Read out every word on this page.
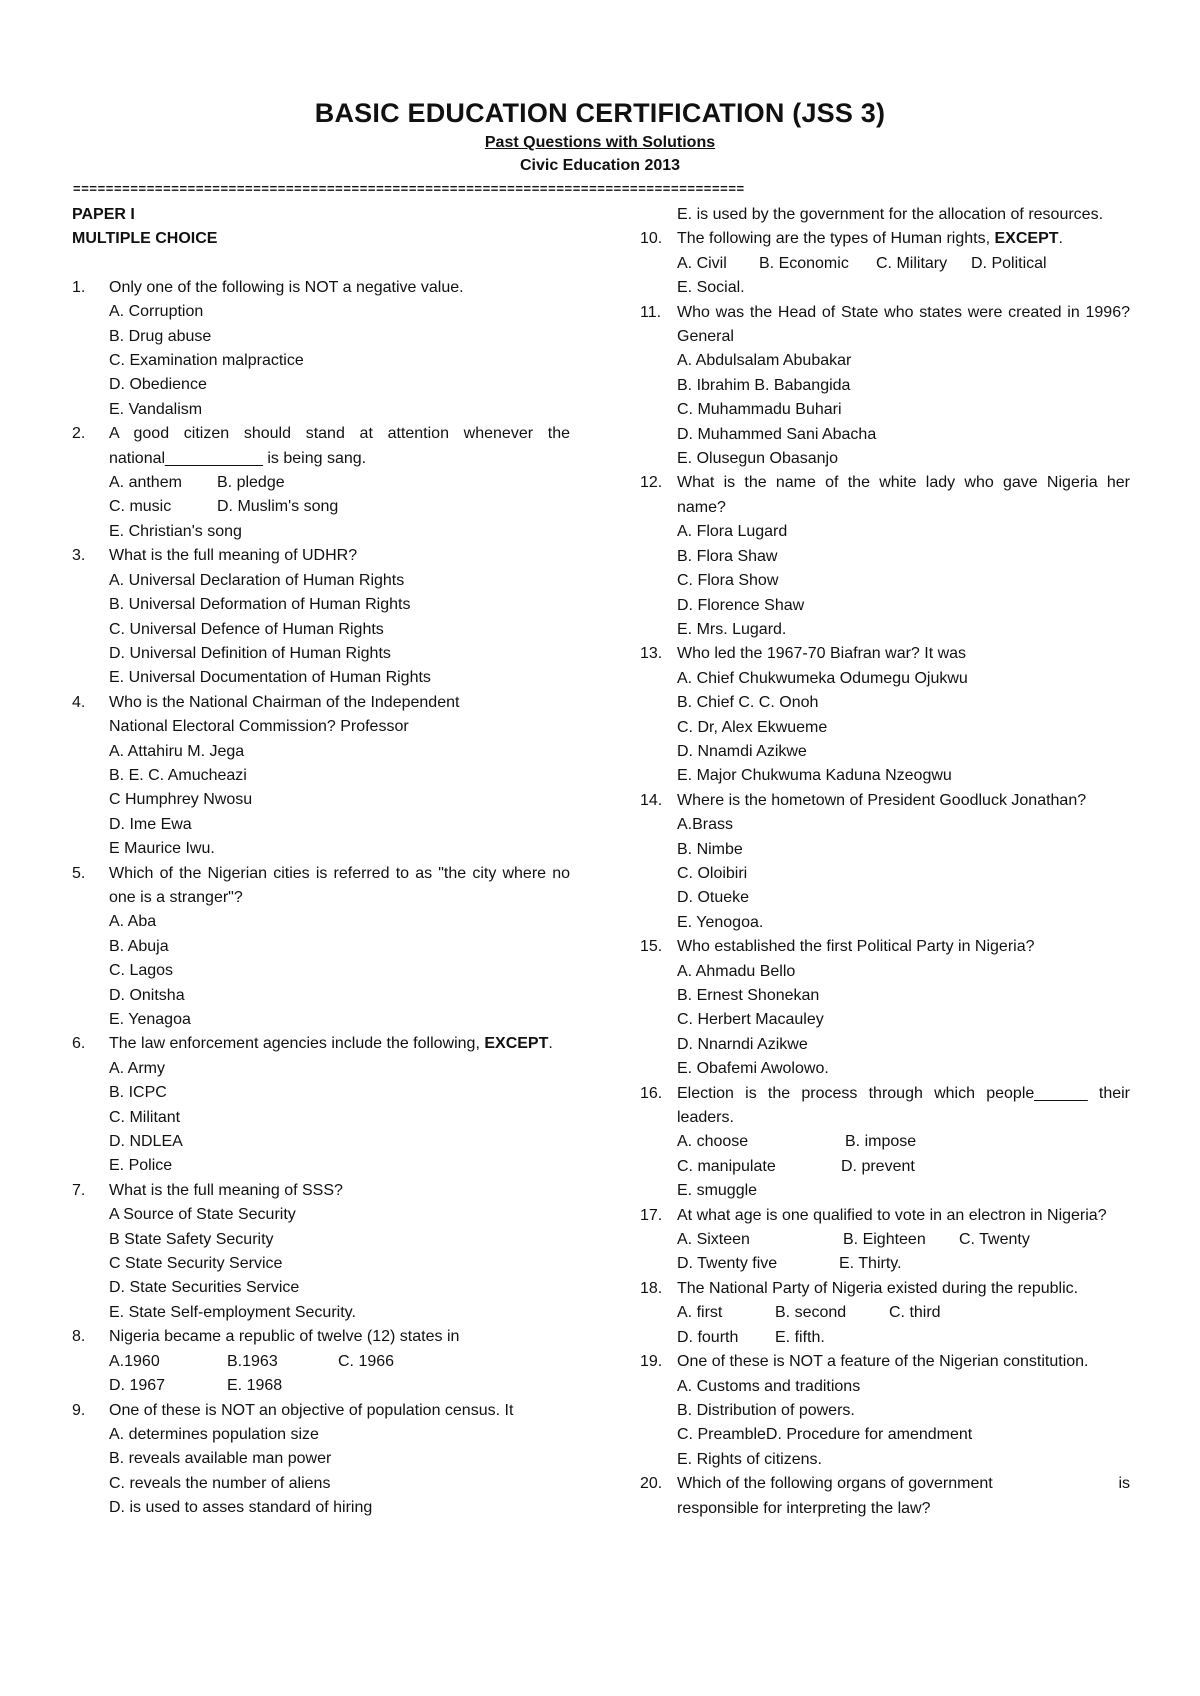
BASIC EDUCATION CERTIFICATION (JSS 3)
Past Questions with Solutions
Civic Education 2013
==================================================================================
PAPER I
MULTIPLE CHOICE
1. Only one of the following is NOT a negative value.
A. Corruption
B. Drug abuse
C. Examination malpractice
D. Obedience
E. Vandalism
2. A good citizen should stand at attention whenever the national___________ is being sang.
A. anthem	B. pledge
C. music	D. Muslim's song
E. Christian's song
3. What is the full meaning of UDHR?
A. Universal Declaration of Human Rights
B. Universal Deformation of Human Rights
C. Universal Defence of Human Rights
D. Universal Definition of Human Rights
E. Universal Documentation of Human Rights
4. Who is the National Chairman of the Independent
National Electoral Commission? Professor
A. Attahiru M. Jega
B. E. C. Amucheazi
C Humphrey Nwosu
D. Ime Ewa
E Maurice Iwu.
5. Which of the Nigerian cities is referred to as "the city where no one is a stranger"?
A. Aba
B. Abuja
C. Lagos
D. Onitsha
E. Yenagoa
6. The law enforcement agencies include the following, EXCEPT.
A. Army
B. ICPC
C. Militant
D. NDLEA
E. Police
7. What is the full meaning of SSS?
A Source of State Security
B State Safety Security
C State Security Service
D. State Securities Service
E. State Self-employment Security.
8. Nigeria became a republic of twelve (12) states in
A.1960	B.1963	C. 1966
D. 1967	E. 1968
9. One of these is NOT an objective of population census. It
A. determines population size
B. reveals available man power
C. reveals the number of aliens
D. is used to asses standard of hiring
E. is used by the government for the allocation of resources.
10. The following are the types of Human rights, EXCEPT.
A. Civil	B. Economic	C. Military	D. Political
E. Social.
11. Who was the Head of State who states were created in 1996? General
A. Abdulsalam Abubakar
B. Ibrahim B. Babangida
C. Muhammadu Buhari
D. Muhammed Sani Abacha
E. Olusegun Obasanjo
12. What is the name of the white lady who gave Nigeria her name?
A. Flora Lugard
B. Flora Shaw
C. Flora Show
D. Florence Shaw
E. Mrs. Lugard.
13. Who led the 1967-70 Biafran war? It was
A. Chief Chukwumeka Odumegu Ojukwu
B. Chief C. C. Onoh
C. Dr, Alex Ekwueme
D. Nnamdi Azikwe
E. Major Chukwuma Kaduna Nzeogwu
14. Where is the hometown of President Goodluck Jonathan?
A.Brass
B. Nimbe
C. Oloibiri
D. Otueke
E. Yenogoa.
15. Who established the first Political Party in Nigeria?
A. Ahmadu Bello
B. Ernest Shonekan
C. Herbert Macauley
D. Nnarndi Azikwe
E. Obafemi Awolowo.
16. Election is the process through which people______ their leaders.
A. choose	B. impose
C. manipulate	D. prevent
E. smuggle
17. At what age is one qualified to vote in an electron in Nigeria?
A. Sixteen	B. Eighteen	C. Twenty
D. Twenty five	E. Thirty.
18. The National Party of Nigeria existed during the republic.
A. first	B. second	C. third
D. fourth	E. fifth.
19. One of these is NOT a feature of the Nigerian constitution.
A. Customs and traditions
B. Distribution of powers.
C. PreambleD. Procedure for amendment
E. Rights of citizens.
20. Which of the following organs of government	is
responsible for interpreting the law?
